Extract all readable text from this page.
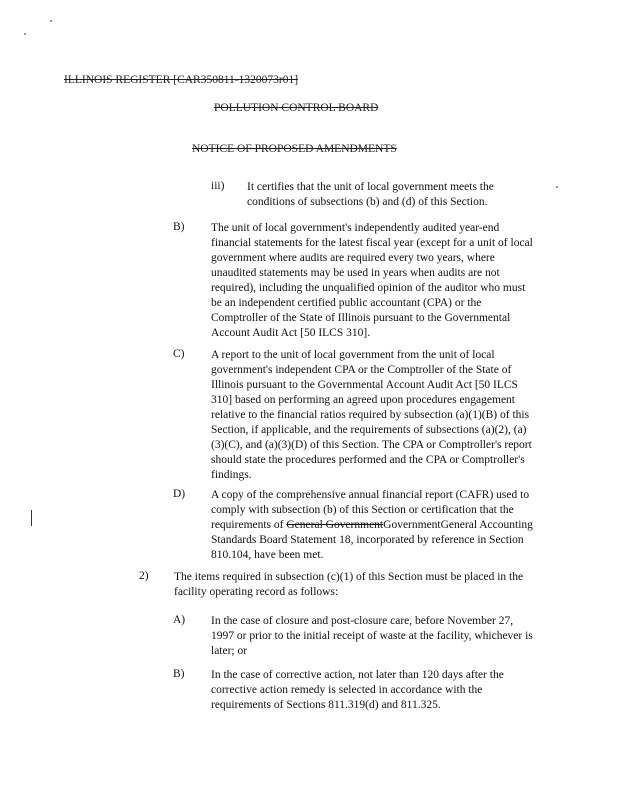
ILLINOIS REGISTER [CAR350811-1320073r01]
POLLUTION CONTROL BOARD
NOTICE OF PROPOSED AMENDMENTS
iii) It certifies that the unit of local government meets the conditions of subsections (b) and (d) of this Section.
B) The unit of local government's independently audited year-end financial statements for the latest fiscal year (except for a unit of local government where audits are required every two years, where unaudited statements may be used in years when audits are not required), including the unqualified opinion of the auditor who must be an independent certified public accountant (CPA) or the Comptroller of the State of Illinois pursuant to the Governmental Account Audit Act [50 ILCS 310].
C) A report to the unit of local government from the unit of local government's independent CPA or the Comptroller of the State of Illinois pursuant to the Governmental Account Audit Act [50 ILCS 310] based on performing an agreed upon procedures engagement relative to the financial ratios required by subsection (a)(1)(B) of this Section, if applicable, and the requirements of subsections (a)(2), (a)(3)(C), and (a)(3)(D) of this Section. The CPA or Comptroller's report should state the procedures performed and the CPA or Comptroller's findings.
D) A copy of the comprehensive annual financial report (CAFR) used to comply with subsection (b) of this Section or certification that the requirements of General GovernmentGovernmentGeneral Accounting Standards Board Statement 18, incorporated by reference in Section 810.104, have been met.
2) The items required in subsection (c)(1) of this Section must be placed in the facility operating record as follows:
A) In the case of closure and post-closure care, before November 27, 1997 or prior to the initial receipt of waste at the facility, whichever is later; or
B) In the case of corrective action, not later than 120 days after the corrective action remedy is selected in accordance with the requirements of Sections 811.319(d) and 811.325.
